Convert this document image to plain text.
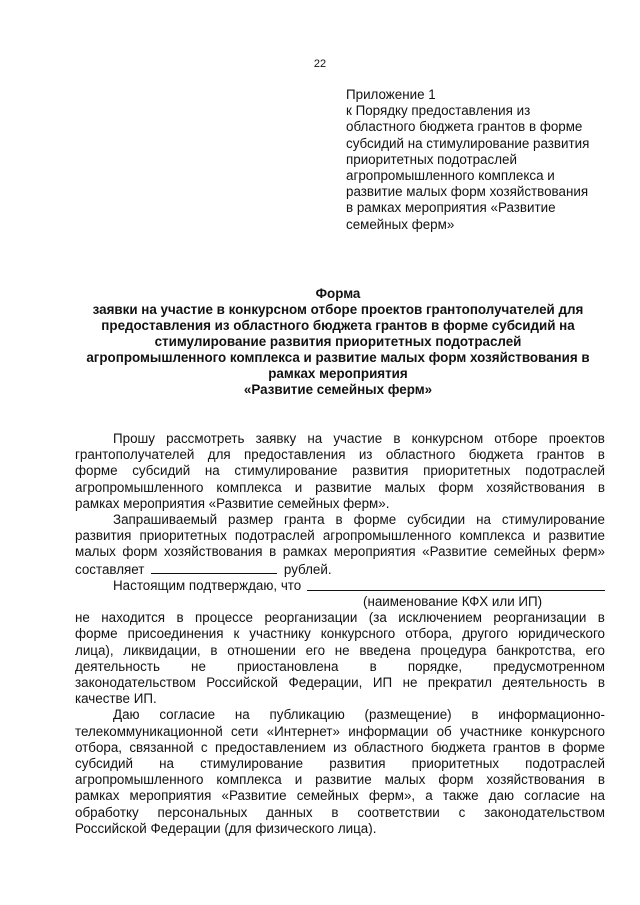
22
Приложение 1
к Порядку предоставления из
областного бюджета грантов в форме
субсидий на стимулирование развития
приоритетных подотраслей
агропромышленного комплекса и
развитие малых форм хозяйствования
в рамках мероприятия «Развитие
семейных ферм»
Форма
заявки на участие в конкурсном отборе проектов грантополучателей для
предоставления из областного бюджета грантов в форме субсидий на
стимулирование развития приоритетных подотраслей
агропромышленного комплекса и развитие малых форм хозяйствования в
рамках мероприятия
«Развитие семейных ферм»
Прошу рассмотреть заявку на участие в конкурсном отборе проектов
грантополучателей для предоставления из областного бюджета грантов в
форме субсидий на стимулирование развития приоритетных подотраслей
агропромышленного комплекса и развитие малых форм хозяйствования в
рамках мероприятия «Развитие семейных ферм».
Запрашиваемый размер гранта в форме субсидии на стимулирование
развития приоритетных подотраслей агропромышленного комплекса и развитие
малых форм хозяйствования в рамках мероприятия «Развитие семейных ферм»
составляет	рублей.
Настоящим подтверждаю, что
(наименование КФХ или ИП)
не находится в процессе реорганизации (за исключением реорганизации в
форме присоединения к участнику конкурсного отбора, другого юридического
лица), ликвидации, в отношении его не введена процедура банкротства, его
деятельность не приостановлена в порядке, предусмотренном
законодательством Российской Федерации, ИП не прекратил деятельность в
качестве ИП.
Даю согласие на публикацию (размещение) в информационно-
телекоммуникационной сети «Интернет» информации об участнике конкурсного
отбора, связанной с предоставлением из областного бюджета грантов в форме
субсидий на стимулирование развития приоритетных подотраслей
агропромышленного комплекса и развитие малых форм хозяйствования в
рамках мероприятия «Развитие семейных ферм», а также даю согласие на
обработку персональных данных в соответствии с законодательством
Российской Федерации (для физического лица).
